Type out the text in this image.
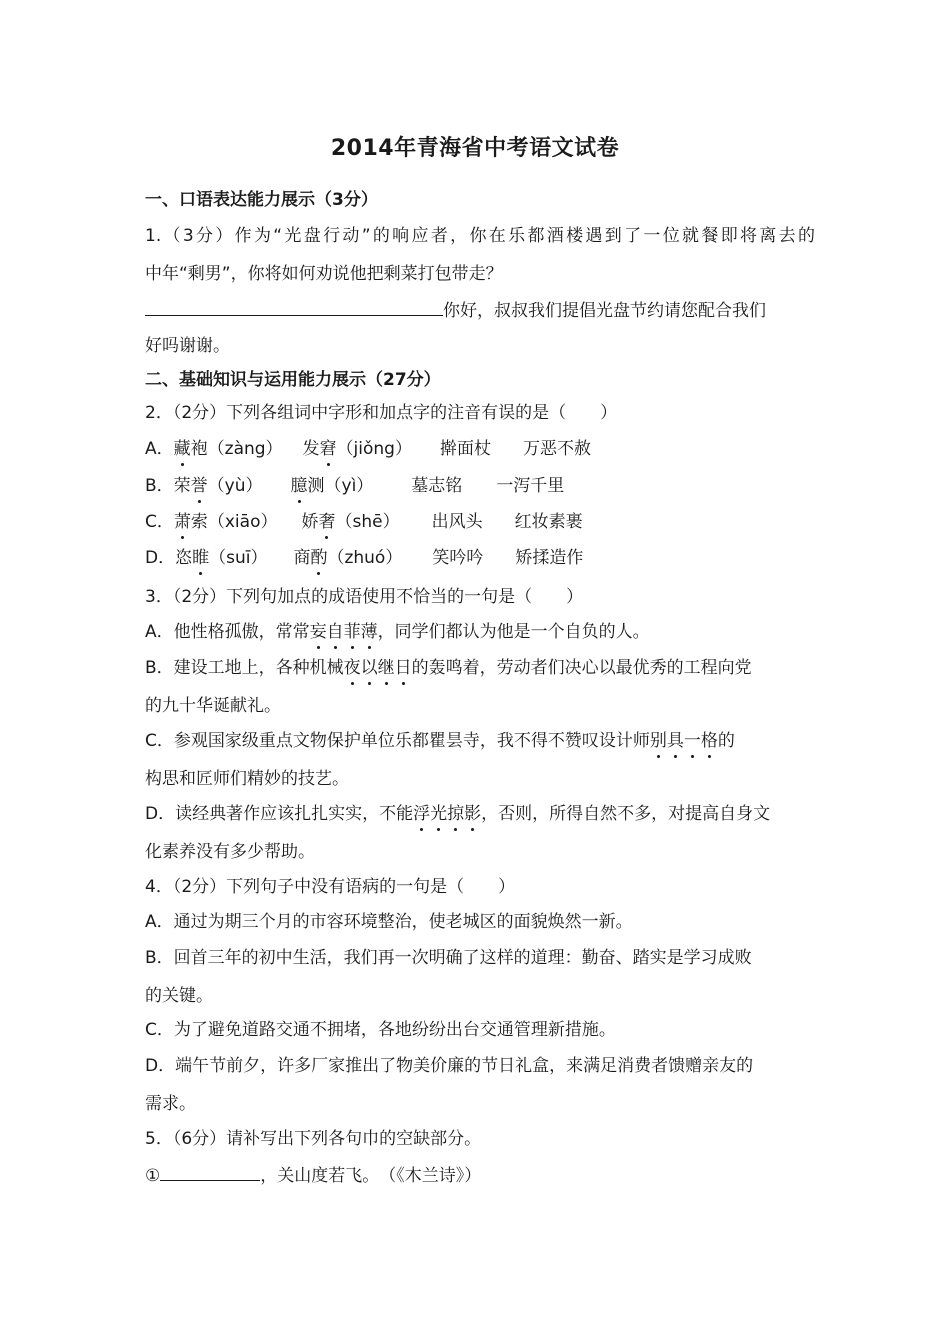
2014年青海省中考语文试卷
一、口语表达能力展示（3分）
1.（3分）作为“光盘行动”的响应者，你在乐都酒楼遇到了一位就餐即将离去的
中年“剩男”，你将如何劝说他把剩菜打包带走？
你好，叔叔我们提倡光盘节约请您配合我们
好吗谢谢。
二、基础知识与运用能力展示（27分）
2．（2分）下列各组词中字形和加点字的注音有误的是（　　）
A．藏袍（zàng） 发窘（jiǒng） 擀面杖 万恶不赦
B．荣誉（yù） 臆测（yì） 墓志铭 一泻千里
C．萧索（xiāo） 娇奢（shē） 出风头 红妆素裹
D．恣睢（suī） 商酌（zhuó） 笑吟吟 矫揉造作
3．（2分）下列句加点的成语使用不恰当的一句是（　　）
A．他性格孤傲，常常妄自菲薄，同学们都认为他是一个自负的人。
B．建设工地上，各种机械夜以继日的轰鸣着，劳动者们决心以最优秀的工程向党
的九十华诞献礼。
C．参观国家级重点文物保护单位乐都瞿昙寺，我不得不赞叹设计师别具一格的
构思和匠师们精妙的技艺。
D．读经典著作应该扎扎实实，不能浮光掠影，否则，所得自然不多，对提高自身文
化素养没有多少帮助。
4．（2分）下列句子中没有语病的一句是（　　）
A．通过为期三个月的市容环境整治，使老城区的面貌焕然一新。
B．回首三年的初中生活，我们再一次明确了这样的道理：勤奋、踏实是学习成败
的关键。
C．为了避免道路交通不拥堵，各地纷纷出台交通管理新措施。
D．端午节前夕，许多厂家推出了物美价廉的节日礼盒，来满足消费者馈赠亲友的
需求。
5．（6分）请补写出下列各句巾的空缺部分。
①	，关山度若飞。　（《木兰诗》）
